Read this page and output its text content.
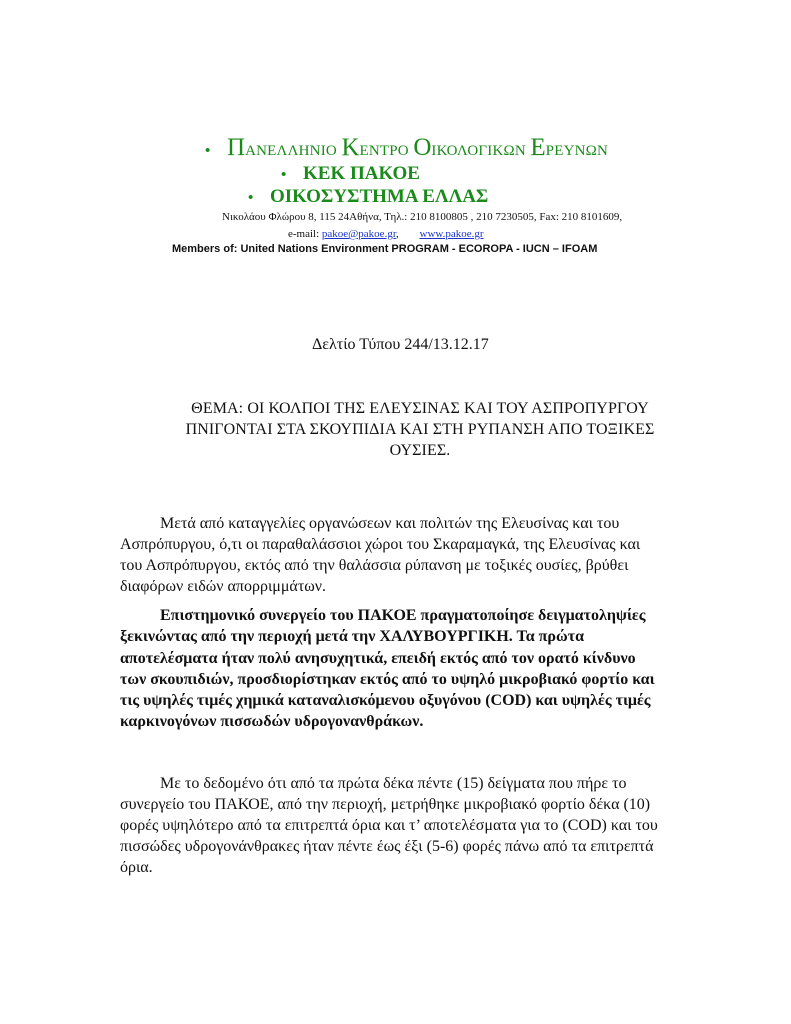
• ΠΑΝΕΛΛΗΝΙΟ ΚΕΝΤΡΟ ΟΙΚΟΛΟΓΙΚΩΝ ΕΡΕΥΝΩΝ
• ΚΕΚ ΠΑΚΟΕ
• ΟΙΚΟΣΥΣΤΗΜΑ ΕΛΛΑΣ
Νικολάου Φλώρου 8, 115 24Αθήνα, Τηλ.: 210 8100805 , 210 7230505, Fax: 210 8101609,
e-mail: pakoe@pakoe.gr, www.pakoe.gr
Members of: United Nations Environment PROGRAM - ECOROPA - IUCN – IFOAM
Δελτίο Τύπου 244/13.12.17
ΘΕΜΑ: ΟΙ ΚΟΛΠΟΙ ΤΗΣ ΕΛΕΥΣΙΝΑΣ ΚΑΙ ΤΟΥ ΑΣΠΡΟΠΥΡΓΟΥ ΠΝΙΓΟΝΤΑΙ ΣΤΑ ΣΚΟΥΠΙΔΙΑ ΚΑΙ ΣΤΗ ΡΥΠΑΝΣΗ ΑΠΟ ΤΟΞΙΚΕΣ ΟΥΣΙΕΣ.

Μετά από καταγγελίες οργανώσεων και πολιτών της Ελευσίνας και του Ασπρόπυργου, ό,τι οι παραθαλάσσιοι χώροι του Σκαραμαγκά, της Ελευσίνας και του Ασπρόπυργου, εκτός από την θαλάσσια ρύπανση με τοξικές ουσίες, βρύθει διαφόρων ειδών απορριμμάτων.

Επιστημονικό συνεργείο του ΠΑΚΟΕ πραγματοποίησε δειγματοληψίες ξεκινώντας από την περιοχή μετά την ΧΑΛΥΒΟΥΡΓΙΚΗ. Τα πρώτα αποτελέσματα ήταν πολύ ανησυχητικά, επειδή εκτός από τον ορατό κίνδυνο των σκουπιδιών, προσδιορίστηκαν εκτός από το υψηλό μικροβιακό φορτίο και τις υψηλές τιμές χημικά καταναλισκόμενου οξυγόνου (COD) και υψηλές τιμές καρκινογόνων πισσωδών υδρογονανθράκων.

Με το δεδομένο ότι από τα πρώτα δέκα πέντε (15) δείγματα που πήρε το συνεργείο του ΠΑΚΟΕ, από την περιοχή, μετρήθηκε μικροβιακό φορτίο δέκα (10) φορές υψηλότερο από τα επιτρεπτά όρια και τ’ αποτελέσματα για το (COD) και του πισσώδες υδρογονάνθρακες ήταν πέντε έως έξι (5-6) φορές πάνω από τα επιτρεπτά όρια.
